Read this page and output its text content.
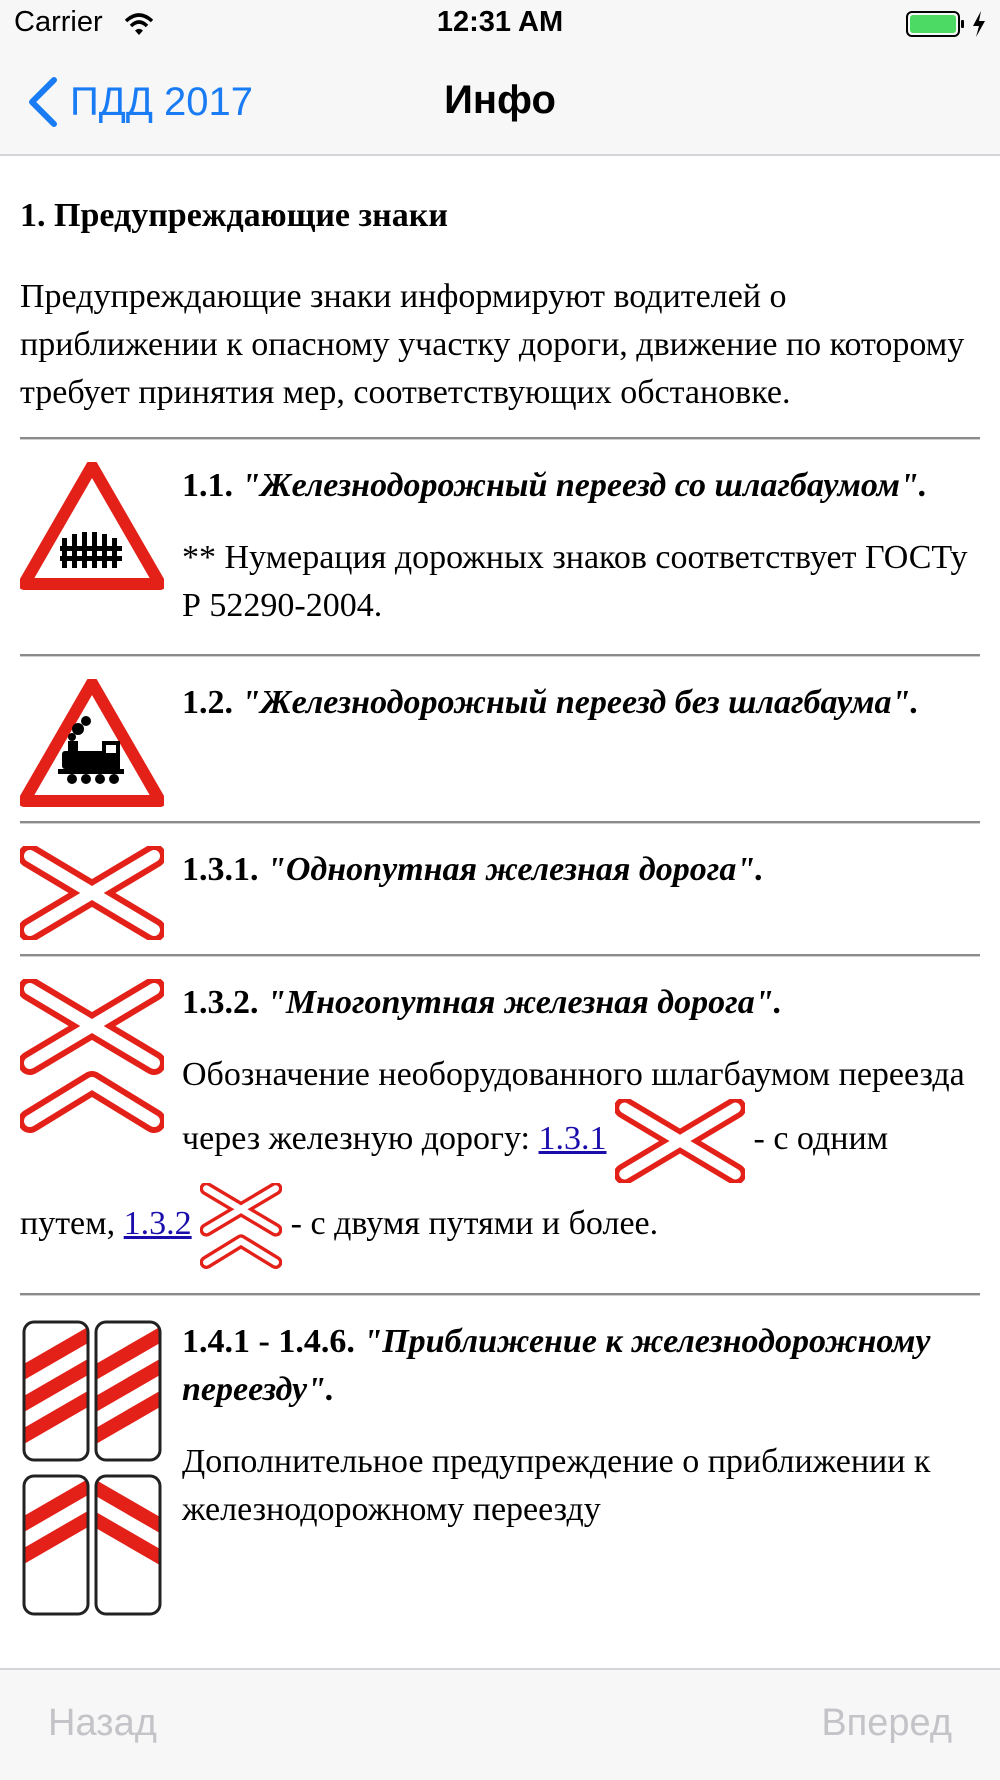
Carrier	12:31 AM
ПДД 2017	Инфо
1. Предупреждающие знаки

Предупреждающие знаки информируют водителей о приближении к опасному участку дороги, движение по которому требует принятия мер, соответствующих обстановке.

1.1. "Железнодорожный переезд со шлагбаумом".

** Нумерация дорожных знаков соответствует ГОСТу Р 52290-2004.

1.2. "Железнодорожный переезд без шлагбаума".

1.3.1. "Однопутная железная дорога".

1.3.2. "Многопутная железная дорога".

Обозначение необорудованного шлагбаумом переезда через железную дорогу: 1.3.1	- с одним путем, 1.3.2	- с двумя путями и более.

1.4.1 - 1.4.6. "Приближение к железнодорожному переезду".

Дополнительное предупреждение о приближении к железнодорожному переезду

Назад	Вперед
